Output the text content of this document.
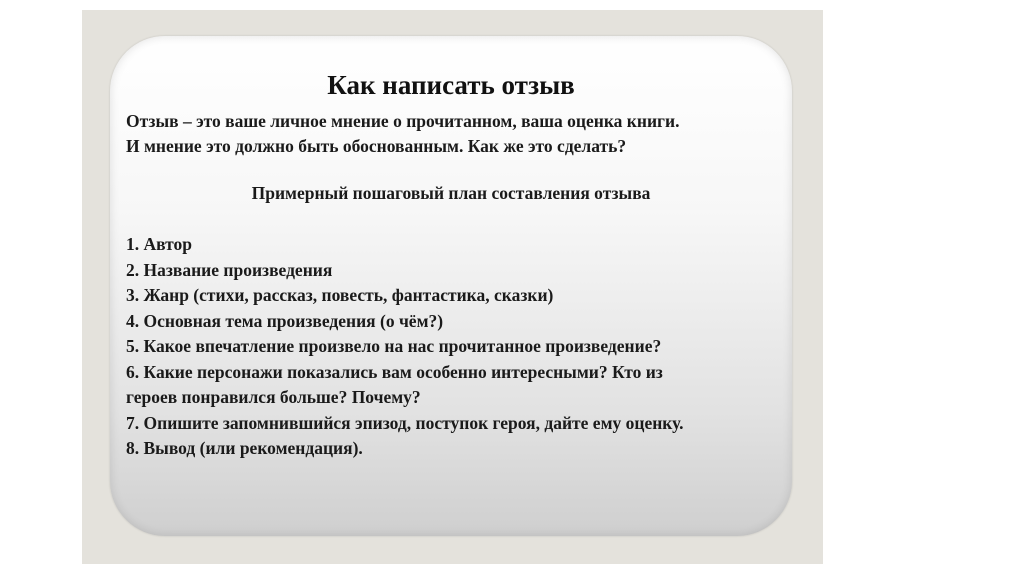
Как написать отзыв
Отзыв – это ваше личное мнение о прочитанном, ваша оценка книги.
И мнение это должно быть обоснованным. Как же это сделать?
Примерный пошаговый план составления отзыва
1. Автор
2. Название произведения
3. Жанр (стихи, рассказ, повесть, фантастика, сказки)
4. Основная тема произведения (о чём?)
5. Какое впечатление произвело на нас прочитанное произведение?
6. Какие персонажи показались вам особенно интересными? Кто из
героев понравился больше? Почему?
7. Опишите запомнившийся эпизод, поступок героя, дайте ему оценку.
8. Вывод (или рекомендация).
